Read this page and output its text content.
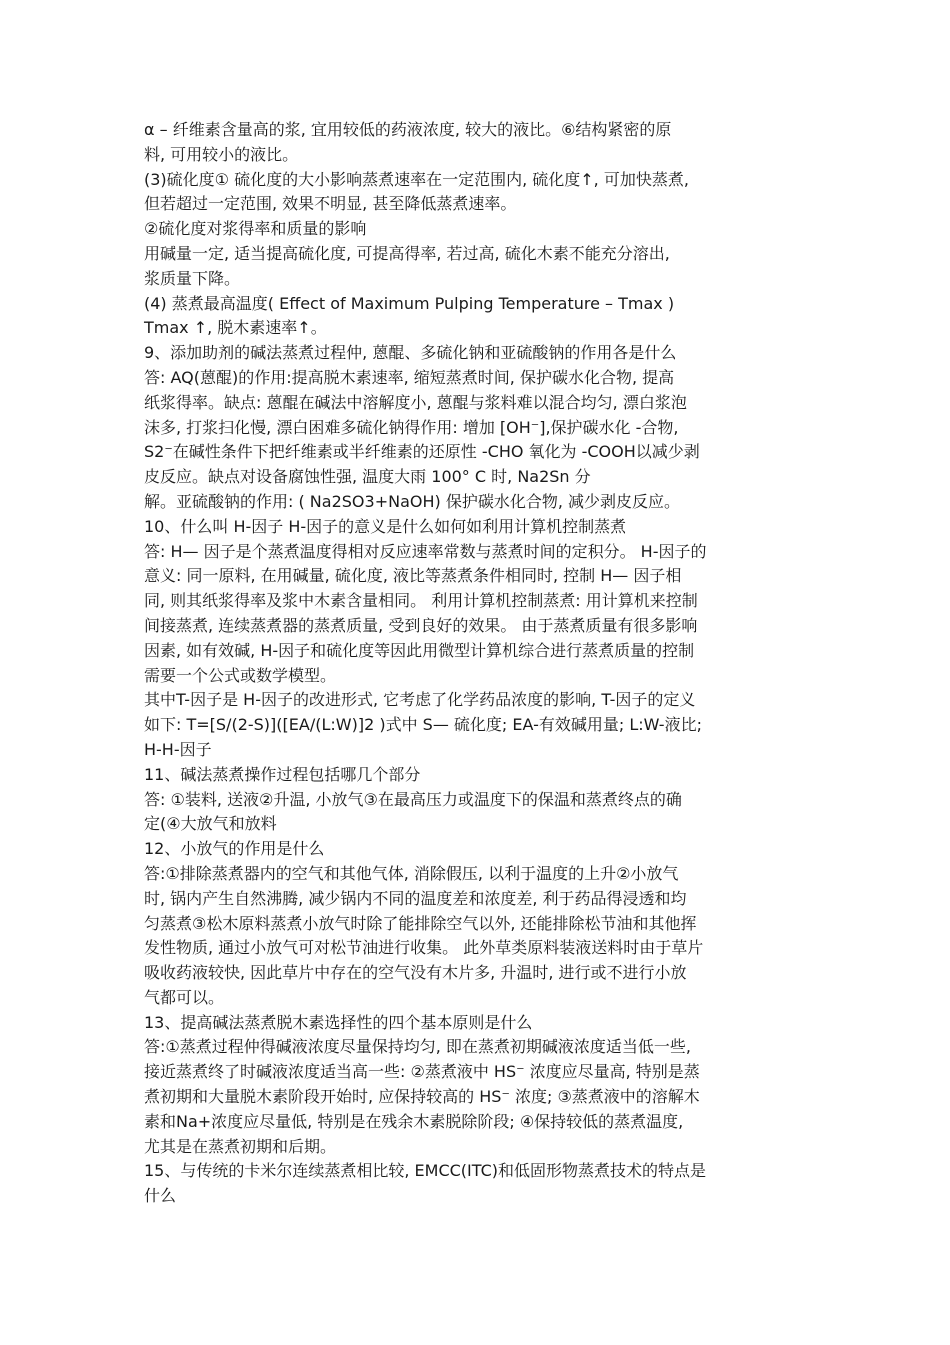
α – 纤维素含量高的浆, 宜用较低的药液浓度, 较大的液比。⑥结构紧密的原
料, 可用较小的液比。
(3)硫化度① 硫化度的大小影响蒸煮速率在一定范围内, 硫化度↑, 可加快蒸煮,
但若超过一定范围, 效果不明显, 甚至降低蒸煮速率。
②硫化度对浆得率和质量的影响
用碱量一定, 适当提高硫化度, 可提高得率, 若过高, 硫化木素不能充分溶出,
浆质量下降。
(4) 蒸煮最高温度( Effect of Maximum Pulping Temperature – Tmax )
Tmax ↑, 脱木素速率↑。
9、添加助剂的碱法蒸煮过程仲, 蒽醌、多硫化钠和亚硫酸钠的作用各是什么
答: AQ(蒽醌)的作用:提高脱木素速率, 缩短蒸煮时间, 保护碳水化合物, 提高
纸浆得率。缺点: 蒽醌在碱法中溶解度小, 蒽醌与浆料难以混合均匀, 漂白浆泡
沫多, 打浆扫化慢, 漂白困难多硫化钠得作用: 增加 [OH⁻],保护碳水化 -合物,
S2⁻在碱性条件下把纤维素或半纤维素的还原性 -CHO 氧化为 -COOH以减少剥
皮反应。缺点对设备腐蚀性强, 温度大雨 100° C 时, Na2Sn 分
解。亚硫酸钠的作用: ( Na2SO3+NaOH) 保护碳水化合物, 减少剥皮反应。
10、什么叫 H-因子 H-因子的意义是什么如何如利用计算机控制蒸煮
答: H— 因子是个蒸煮温度得相对反应速率常数与蒸煮时间的定积分。 H-因子的
意义: 同一原料, 在用碱量, 硫化度, 液比等蒸煮条件相同时, 控制 H— 因子相
同, 则其纸浆得率及浆中木素含量相同。 利用计算机控制蒸煮: 用计算机来控制
间接蒸煮, 连续蒸煮器的蒸煮质量, 受到良好的效果。 由于蒸煮质量有很多影响
因素, 如有效碱, H-因子和硫化度等因此用微型计算机综合进行蒸煮质量的控制
需要一个公式或数学模型。
其中T-因子是 H-因子的改进形式, 它考虑了化学药品浓度的影响, T-因子的定义
如下: T=[S/(2-S)]([EA/(L:W)]2 )式中 S— 硫化度; EA-有效碱用量; L:W-液比;
H-H-因子
11、碱法蒸煮操作过程包括哪几个部分
答: ①装料, 送液②升温, 小放气③在最高压力或温度下的保温和蒸煮终点的确
定(④大放气和放料
12、小放气的作用是什么
答:①排除蒸煮器内的空气和其他气体, 消除假压, 以利于温度的上升②小放气
时, 锅内产生自然沸腾, 减少锅内不同的温度差和浓度差, 利于药品得浸透和均
匀蒸煮③松木原料蒸煮小放气时除了能排除空气以外, 还能排除松节油和其他挥
发性物质, 通过小放气可对松节油进行收集。 此外草类原料装液送料时由于草片
吸收药液较快, 因此草片中存在的空气没有木片多, 升温时, 进行或不进行小放
气都可以。
13、提高碱法蒸煮脱木素选择性的四个基本原则是什么
答:①蒸煮过程仲得碱液浓度尽量保持均匀, 即在蒸煮初期碱液浓度适当低一些,
接近蒸煮终了时碱液浓度适当高一些: ②蒸煮液中 HS⁻ 浓度应尽量高, 特别是蒸
煮初期和大量脱木素阶段开始时, 应保持较高的 HS⁻ 浓度; ③蒸煮液中的溶解木
素和Na+浓度应尽量低, 特别是在残余木素脱除阶段; ④保持较低的蒸煮温度,
尤其是在蒸煮初期和后期。
15、与传统的卡米尔连续蒸煮相比较, EMCC(ITC)和低固形物蒸煮技术的特点是
什么
